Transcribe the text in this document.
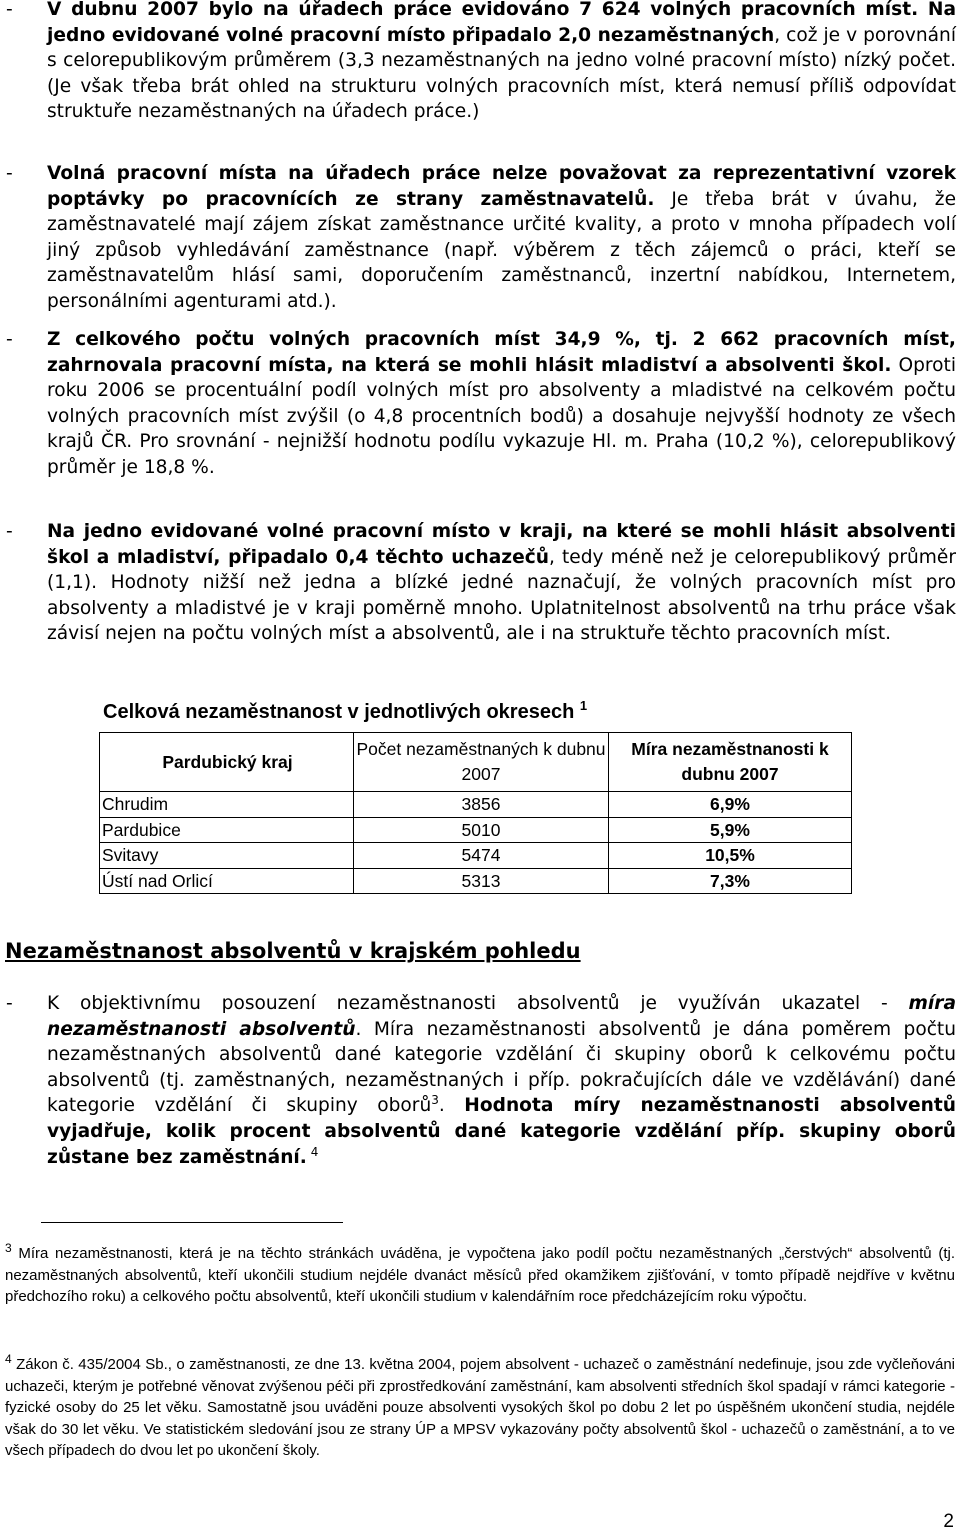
- V dubnu 2007 bylo na úřadech práce evidováno 7 624 volných pracovních míst. Na jedno evidované volné pracovní místo připadalo 2,0 nezaměstnaných, což je v porovnání s celorepublikovým průměrem (3,3 nezaměstnaných na jedno volné pracovní místo) nízký počet. (Je však třeba brát ohled na strukturu volných pracovních míst, která nemusí příliš odpovídat struktuře nezaměstnaných na úřadech práce.)
- Volná pracovní místa na úřadech práce nelze považovat za reprezentativní vzorek poptávky po pracovnících ze strany zaměstnavatelů. Je třeba brát v úvahu, že zaměstnavatelé mají zájem získat zaměstnance určité kvality, a proto v mnoha případech volí jiný způsob vyhledávání zaměstnance (např. výběrem z těch zájemců o práci, kteří se zaměstnavatelům hlásí sami, doporučením zaměstnanců, inzertní nabídkou, Internetem, personálními agenturami atd.).
- Z celkového počtu volných pracovních míst 34,9 %, tj. 2 662 pracovních míst, zahrnovala pracovní místa, na která se mohli hlásit mladiství a absolventi škol. Oproti roku 2006 se procentuální podíl volných míst pro absolventy a mladistvé na celkovém počtu volných pracovních míst zvýšil (o 4,8 procentních bodů) a dosahuje nejvyšší hodnoty ze všech krajů ČR. Pro srovnání - nejnižší hodnotu podílu vykazuje Hl. m. Praha (10,2 %), celorepublikový průměr je 18,8 %.
- Na jedno evidované volné pracovní místo v kraji, na které se mohli hlásit absolventi škol a mladiství, připadalo 0,4 těchto uchazečů, tedy méně než je celorepublikový průměr (1,1). Hodnoty nižší než jedna a blízké jedné naznačují, že volných pracovních míst pro absolventy a mladistvé je v kraji poměrně mnoho. Uplatnitelnost absolventů na trhu práce však závisí nejen na počtu volných míst a absolventů, ale i na struktuře těchto pracovních míst.
Celková nezaměstnanost v jednotlivých okresech $^1$
Pardubický kraj	Počet nezaměstnaných k dubnu 2007	Míra nezaměstnanosti k dubnu 2007
Chrudim	3856	6,9%
Pardubice	5010	5,9%
Svitavy	5474	10,5%
Ústí nad Orlicí	5313	7,3%
Nezaměstnanost absolventů v krajském pohledu
- K objektivnímu posouzení nezaměstnanosti absolventů je využíván ukazatel - míra nezaměstnanosti absolventů. Míra nezaměstnanosti absolventů je dána poměrem počtu nezaměstnaných absolventů dané kategorie vzdělání či skupiny oborů k celkovému počtu absolventů (tj. zaměstnaných, nezaměstnaných i příp. pokračujících dále ve vzdělávání) dané kategorie vzdělání či skupiny oborů$^3$. Hodnota míry nezaměstnanosti absolventů vyjadřuje, kolik procent absolventů dané kategorie vzdělání příp. skupiny oborů zůstane bez zaměstnání. $^4$
$^3$ Míra nezaměstnanosti, která je na těchto stránkách uváděna, je vypočtena jako podíl počtu nezaměstnaných „čerstvých“ absolventů (tj. nezaměstnaných absolventů, kteří ukončili studium nejdéle dvanáct měsíců před okamžikem zjišťování, v tomto případě nejdříve v květnu předchozího roku) a celkového počtu absolventů, kteří ukončili studium v kalendářním roce předcházejícím roku výpočtu.
$^4$ Zákon č. 435/2004 Sb., o zaměstnanosti, ze dne 13. května 2004, pojem absolvent - uchazeč o zaměstnání nedefinuje, jsou zde vyčleňováni uchazeči, kterým je potřebné věnovat zvýšenou péči při zprostředkování zaměstnání, kam absolventi středních škol spadají v rámci kategorie - fyzické osoby do 25 let věku. Samostatně jsou uváděni pouze absolventi vysokých škol po dobu 2 let po úspěšném ukončení studia, nejdéle však do 30 let věku. Ve statistickém sledování jsou ze strany ÚP a MPSV vykazovány počty absolventů škol - uchazečů o zaměstnání, a to ve všech případech do dvou let po ukončení školy.
2
